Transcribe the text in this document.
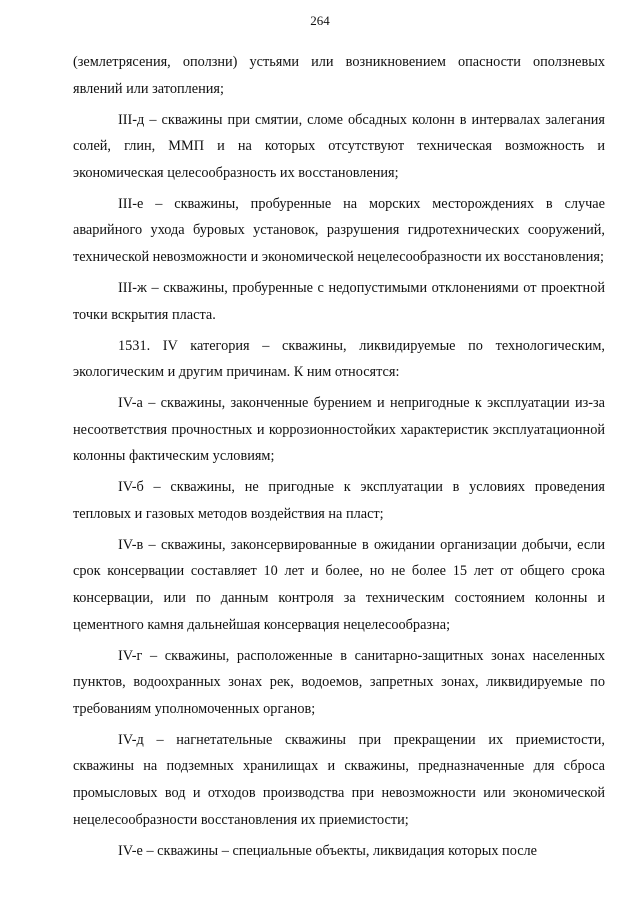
264

(землетрясения, оползни) устьями или возникновением опасности оползневых явлений или затопления;

III-д – скважины при смятии, сломе обсадных колонн в интервалах залегания солей, глин, ММП и на которых отсутствуют техническая возможность и экономическая целесообразность их восстановления;

III-е – скважины, пробуренные на морских месторождениях в случае аварийного ухода буровых установок, разрушения гидротехнических сооружений, технической невозможности и экономической нецелесообразности их восстановления;

III-ж – скважины, пробуренные с недопустимыми отклонениями от проектной точки вскрытия пласта.

1531. IV категория – скважины, ликвидируемые по технологическим, экологическим и другим причинам. К ним относятся:

IV-а – скважины, законченные бурением и непригодные к эксплуатации из-за несоответствия прочностных и коррозионностойких характеристик эксплуатационной колонны фактическим условиям;

IV-б – скважины, не пригодные к эксплуатации в условиях проведения тепловых и газовых методов воздействия на пласт;

IV-в – скважины, законсервированные в ожидании организации добычи, если срок консервации составляет 10 лет и более, но не более 15 лет от общего срока консервации, или по данным контроля за техническим состоянием колонны и цементного камня дальнейшая консервация нецелесообразна;

IV-г – скважины, расположенные в санитарно-защитных зонах населенных пунктов, водоохранных зонах рек, водоемов, запретных зонах, ликвидируемые по требованиям уполномоченных органов;

IV-д – нагнетательные скважины при прекращении их приемистости, скважины на подземных хранилищах и скважины, предназначенные для сброса промысловых вод и отходов производства при невозможности или экономической нецелесообразности восстановления их приемистости;

IV-е – скважины – специальные объекты, ликвидация которых после
